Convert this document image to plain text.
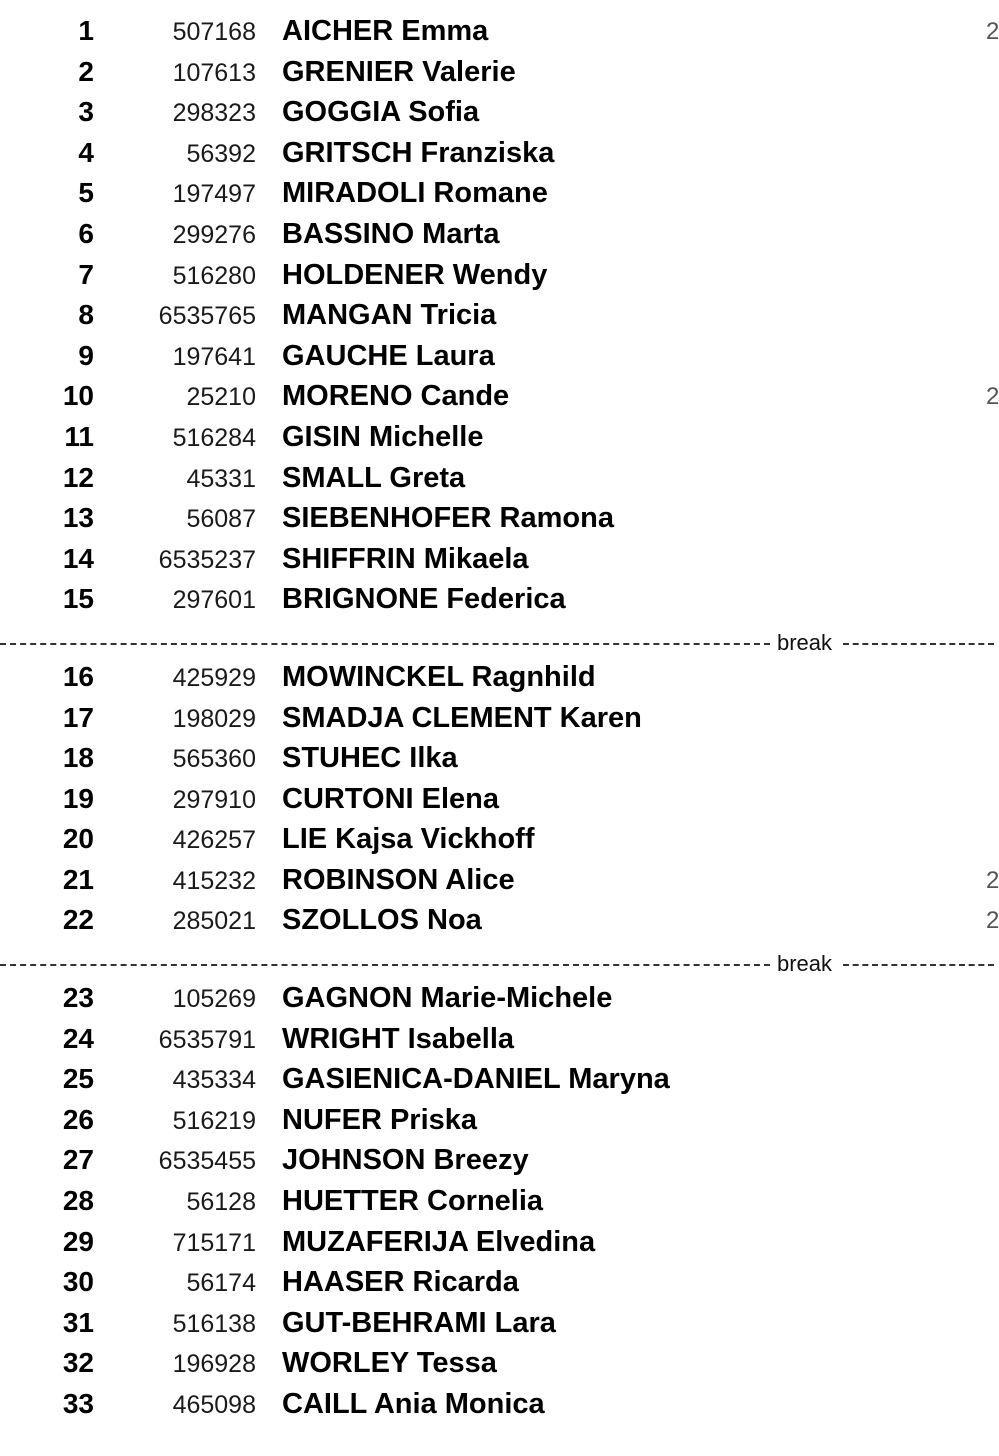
1	507168 AICHER Emma	2
2	107613 GRENIER Valerie
3	298323 GOGGIA Sofia
4	56392 GRITSCH Franziska
5	197497 MIRADOLI Romane
6	299276 BASSINO Marta
7	516280 HOLDENER Wendy
8	6535765 MANGAN Tricia
9	197641 GAUCHE Laura
10	25210 MORENO Cande	2
11	516284 GISIN Michelle
12	45331 SMALL Greta
13	56087 SIEBENHOFER Ramona
14	6535237 SHIFFRIN Mikaela
15	297601 BRIGNONE Federica
break
16	425929 MOWINCKEL Ragnhild
17	198029 SMADJA CLEMENT Karen
18	565360 STUHEC Ilka
19	297910 CURTONI Elena
20	426257 LIE Kajsa Vickhoff
21	415232 ROBINSON Alice	2
22	285021 SZOLLOS Noa	2
break
23	105269 GAGNON Marie-Michele
24	6535791 WRIGHT Isabella
25	435334 GASIENICA-DANIEL Maryna
26	516219 NUFER Priska
27	6535455 JOHNSON Breezy
28	56128 HUETTER Cornelia
29	715171 MUZAFERIJA Elvedina
30	56174 HAASER Ricarda
31	516138 GUT-BEHRAMI Lara
32	196928 WORLEY Tessa
33	465098 CAILL Ania Monica
